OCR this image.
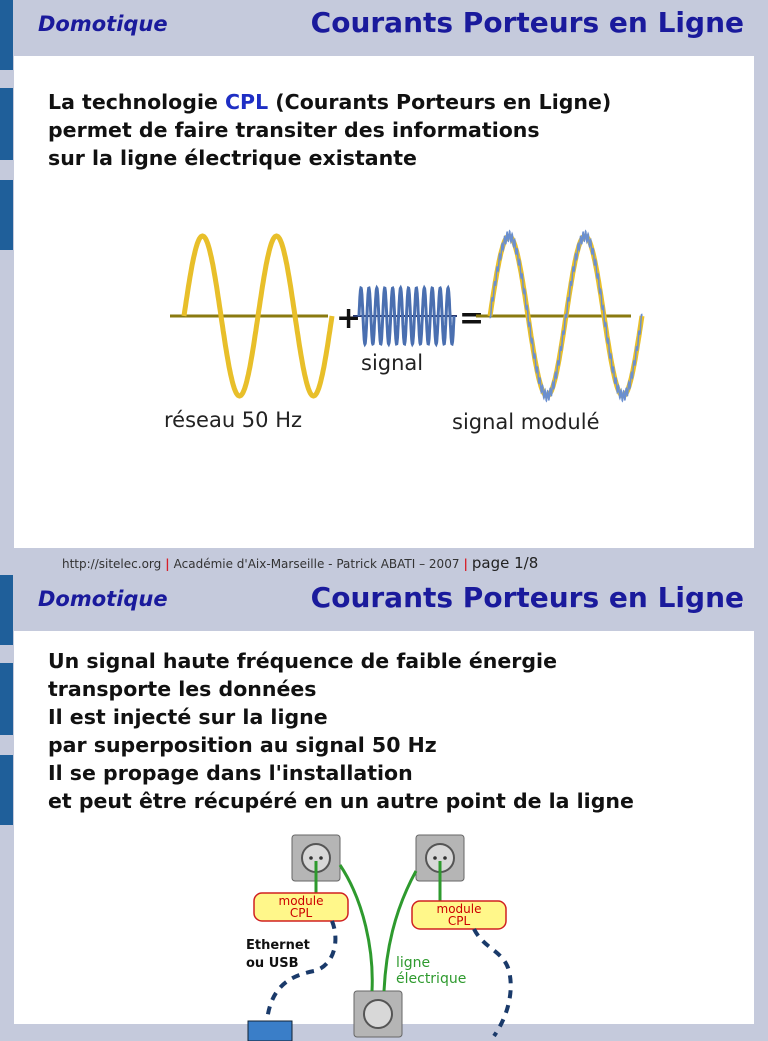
Domotique	Courants Porteurs en Ligne
La technologie CPL (Courants Porteurs en Ligne)
permet de faire transiter des informations
sur la ligne électrique existante
+	=
signal
réseau 50 Hz	signal modulé
http://sitelec.org | Académie d'Aix-Marseille - Patrick ABATI – 2007 | page 1/8
Domotique	Courants Porteurs en Ligne
Un signal haute fréquence de faible énergie
transporte les données
Il est injecté sur la ligne
par superposition au signal 50 Hz
Il se propage dans l'installation
et peut être récupéré en un autre point de la ligne
module
CPL	module
CPL
Ethernet
ou USB	ligne
électrique
